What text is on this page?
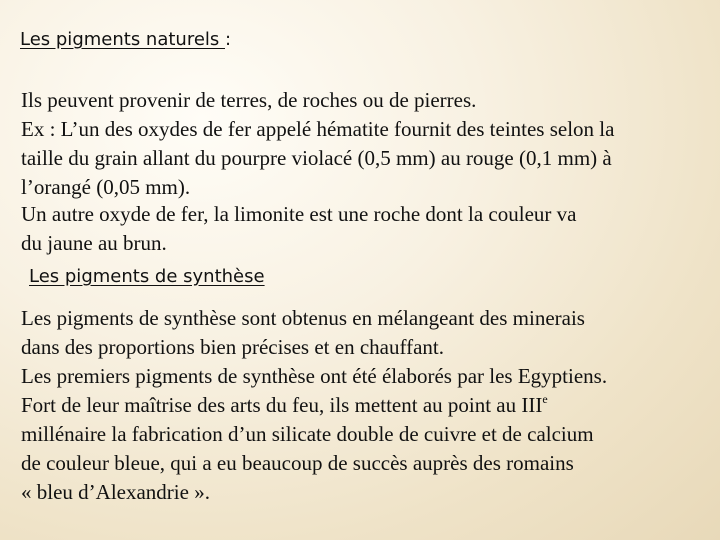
Les pigments naturels :

Ils peuvent provenir de terres, de roches ou de pierres.
Ex : L’un des oxydes de fer appelé hématite fournit des teintes selon la
taille du grain allant du pourpre violacé (0,5 mm) au rouge (0,1 mm) à
l’orangé (0,05 mm).

Un autre oxyde de fer, la limonite est une roche dont la couleur va
du jaune au brun.

Les pigments de synthèse

Les pigments de synthèse sont obtenus en mélangeant des minerais
dans des proportions bien précises et en chauffant.
Les premiers pigments de synthèse ont été élaborés par les Egyptiens.
Fort de leur maîtrise des arts du feu, ils mettent au point au IIIe
millénaire la fabrication d’un silicate double de cuivre et de calcium
de couleur bleue, qui a eu beaucoup de succès auprès des romains
« bleu d’Alexandrie ».
